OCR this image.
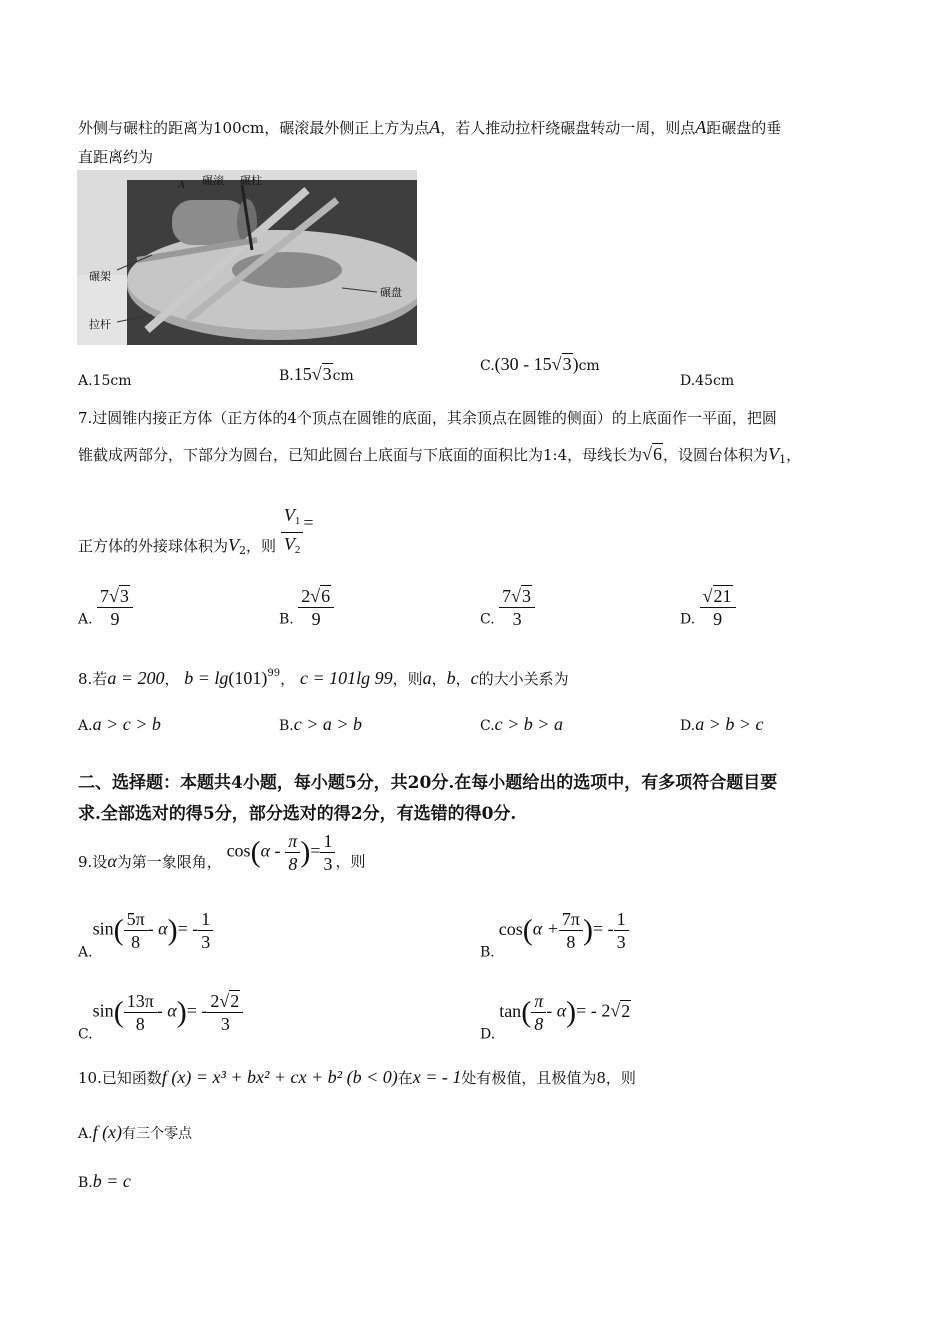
外侧与碾柱的距离为100cm，碾滚最外侧正上方为点A，若人推动拉杆绕碾盘转动一周，则点A距碾盘的垂
直距离约为
A 碾滚 碾柱
碾架
碾盘
拉杆
A.15cm	B.15√3cm
C.(30 - 15√3)cm
D.45cm
7.过圆锥内接正方体（正方体的4个顶点在圆锥的底面，其余顶点在圆锥的侧面）的上底面作一平面，把圆
锥截成两部分，下部分为圆台，已知此圆台上底面与下底面的面积比为1:4，母线长为√6，设圆台体积为$V_1$，
正方体的外接球体积为$V_2$，则 $\frac{V_1}{V_2}$ =
A. $\frac{7√3}{9}$	B. $\frac{2√6}{9}$	C. $\frac{7√3}{3}$	D. $\frac{√21}{9}$
8.若a = 200， $b = \lg(101)^{99}$， c = 101lg 99，则a，b，c的大小关系为
A.a > c > b	B.c > a > b	C.c > b > a	D.a > b > c
二、选择题：本题共4小题，每小题5分，共20分.在每小题给出的选项中，有多项符合题目要
求.全部选对的得5分，部分选对的得2分，有选错的得0分.
9.设α为第一象限角， $\cos(\alpha - \frac{\pi}{8}$ )= $\frac{1}{3}$ ，则
$A.\sin( \frac{5\pi}{8} - \alpha)= - \frac{1}{3}$	$B.\cos(\alpha + \frac{7\pi}{8}$ )= - $\frac{1}{3}$
$C.\sin( \frac{13\pi}{8} - \alpha)= - \frac{2√2}{3}$	$D.\tan( \frac{\pi}{8} - \alpha)= - 2√2$
10.已知函数f (x) = x³ + bx² + cx + b² (b < 0)在x = - 1处有极值，且极值为8，则
A.f (x)有三个零点
B.b = c
